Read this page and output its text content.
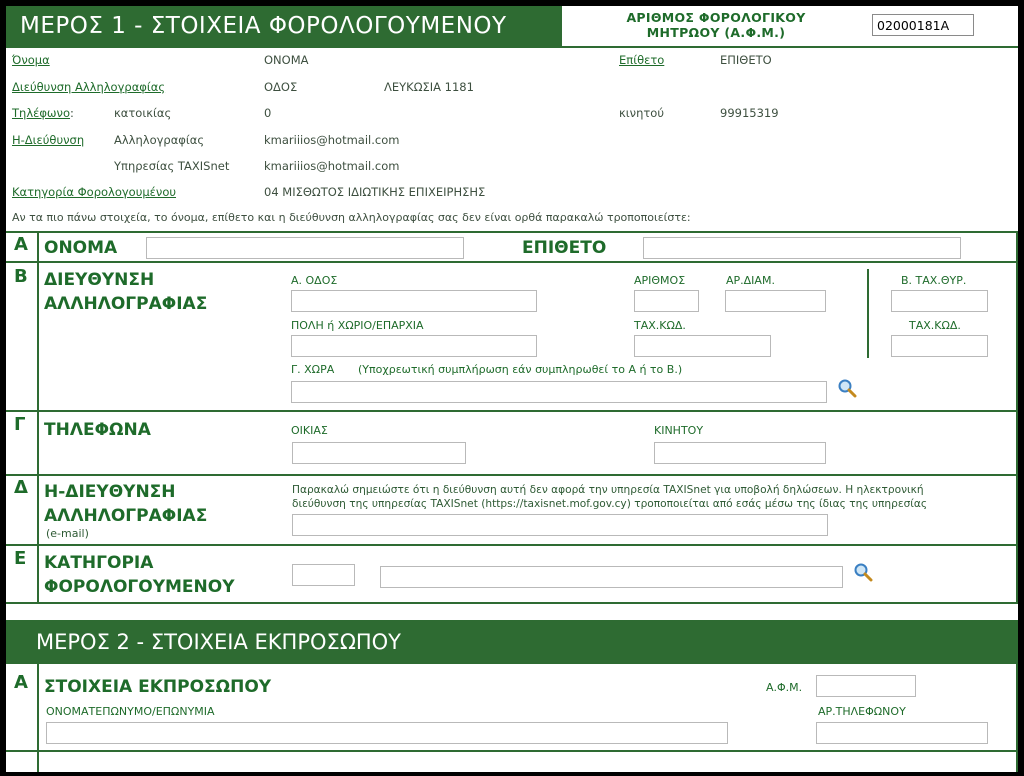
ΜΕΡΟΣ 1 - ΣΤΟΙΧΕΙΑ ΦΟΡΟΛΟΓΟΥΜΕΝΟΥ	ΑΡΙΘΜΟΣ ΦΟΡΟΛΟΓΙΚΟΥ
ΜΗΤΡΩΟΥ (Α.Φ.Μ.)
02000181A
Όνομα	ΟΝΟΜΑ	Επίθετο	ΕΠΙΘΕΤΟ
Διεύθυνση Αλληλογραφίας	ΟΔΟΣ	ΛΕΥΚΩΣΙΑ 1181
Τηλέφωνο:	κατοικίας	0	κινητού	99915319
Η-Διεύθυνση	Αλληλογραφίας	kmariiios@hotmail.com
Υπηρεσίας TAXISnet	kmariiios@hotmail.com
Κατηγορία Φορολογουμένου	04 ΜΙΣΘΩΤΟΣ ΙΔΙΩΤΙΚΗΣ ΕΠΙΧΕΙΡΗΣΗΣ
Αν τα πιο πάνω στοιχεία, το όνομα, επίθετο και η διεύθυνση αλληλογραφίας σας δεν είναι ορθά παρακαλώ τροποποιείστε:
Α ΟΝΟΜΑ	ΕΠΙΘΕΤΟ
Β ΔΙΕΥΘΥΝΣΗ
ΑΛΛΗΛΟΓΡΑΦΙΑΣ
Α. ΟΔΟΣ	ΑΡΙΘΜΟΣ	ΑΡ.ΔΙΑΜ.	Β. ΤΑΧ.ΘΥΡ.
ΠΟΛΗ ή ΧΩΡΙΟ/ΕΠΑΡΧΙΑ	ΤΑΧ.ΚΩΔ.	ΤΑΧ.ΚΩΔ.
Γ. ΧΩΡΑ (Υποχρεωτική συμπλήρωση εάν συμπληρωθεί το Α ή το Β.)
Γ ΤΗΛΕΦΩΝΑ	ΟΙΚΙΑΣ	ΚΙΝΗΤΟΥ
Δ Η-ΔΙΕΥΘΥΝΣΗ
ΑΛΛΗΛΟΓΡΑΦΙΑΣ
(e-mail)
Παρακαλώ σημειώστε ότι η διεύθυνση αυτή δεν αφορά την υπηρεσία TAXISnet για υποβολή δηλώσεων. Η ηλεκτρονική
διεύθυνση της υπηρεσίας TAXISnet (https://taxisnet.mof.gov.cy) τροποποιείται από εσάς μέσω της ίδιας της υπηρεσίας
Ε ΚΑΤΗΓΟΡΙΑ
ΦΟΡΟΛΟΓΟΥΜΕΝΟΥ
ΜΕΡΟΣ 2 - ΣΤΟΙΧΕΙΑ ΕΚΠΡΟΣΩΠΟΥ
Α ΣΤΟΙΧΕΙΑ ΕΚΠΡΟΣΩΠΟΥ	Α.Φ.Μ.
ΟΝΟΜΑΤΕΠΩΝΥΜΟ/ΕΠΩΝΥΜΙΑ	ΑΡ.ΤΗΛΕΦΩΝΟΥ
